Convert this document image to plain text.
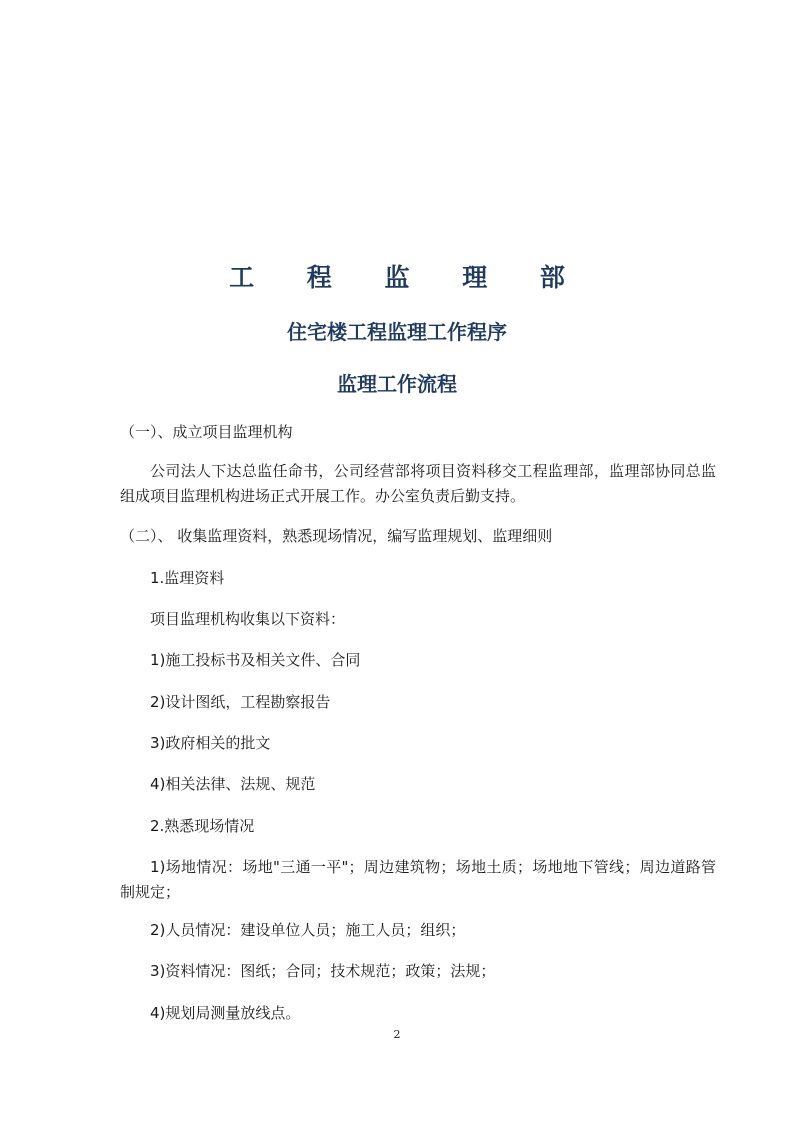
工 程 监 理 部
住宅楼工程监理工作程序
监理工作流程
（一）、成立项目监理机构
公司法人下达总监任命书，公司经营部将项目资料移交工程监理部，监理部协同总监组成项目监理机构进场正式开展工作。办公室负责后勤支持。
（二）、 收集监理资料，熟悉现场情况，编写监理规划、监理细则
1.监理资料
项目监理机构收集以下资料：
1)施工投标书及相关文件、合同
2)设计图纸，工程勘察报告
3)政府相关的批文
4)相关法律、法规、规范
2.熟悉现场情况
1)场地情况：场地"三通一平"；周边建筑物；场地土质；场地地下管线；周边道路管制规定；
2)人员情况：建设单位人员；施工人员；组织；
3)资料情况：图纸；合同；技术规范；政策；法规；
4)规划局测量放线点。
2
